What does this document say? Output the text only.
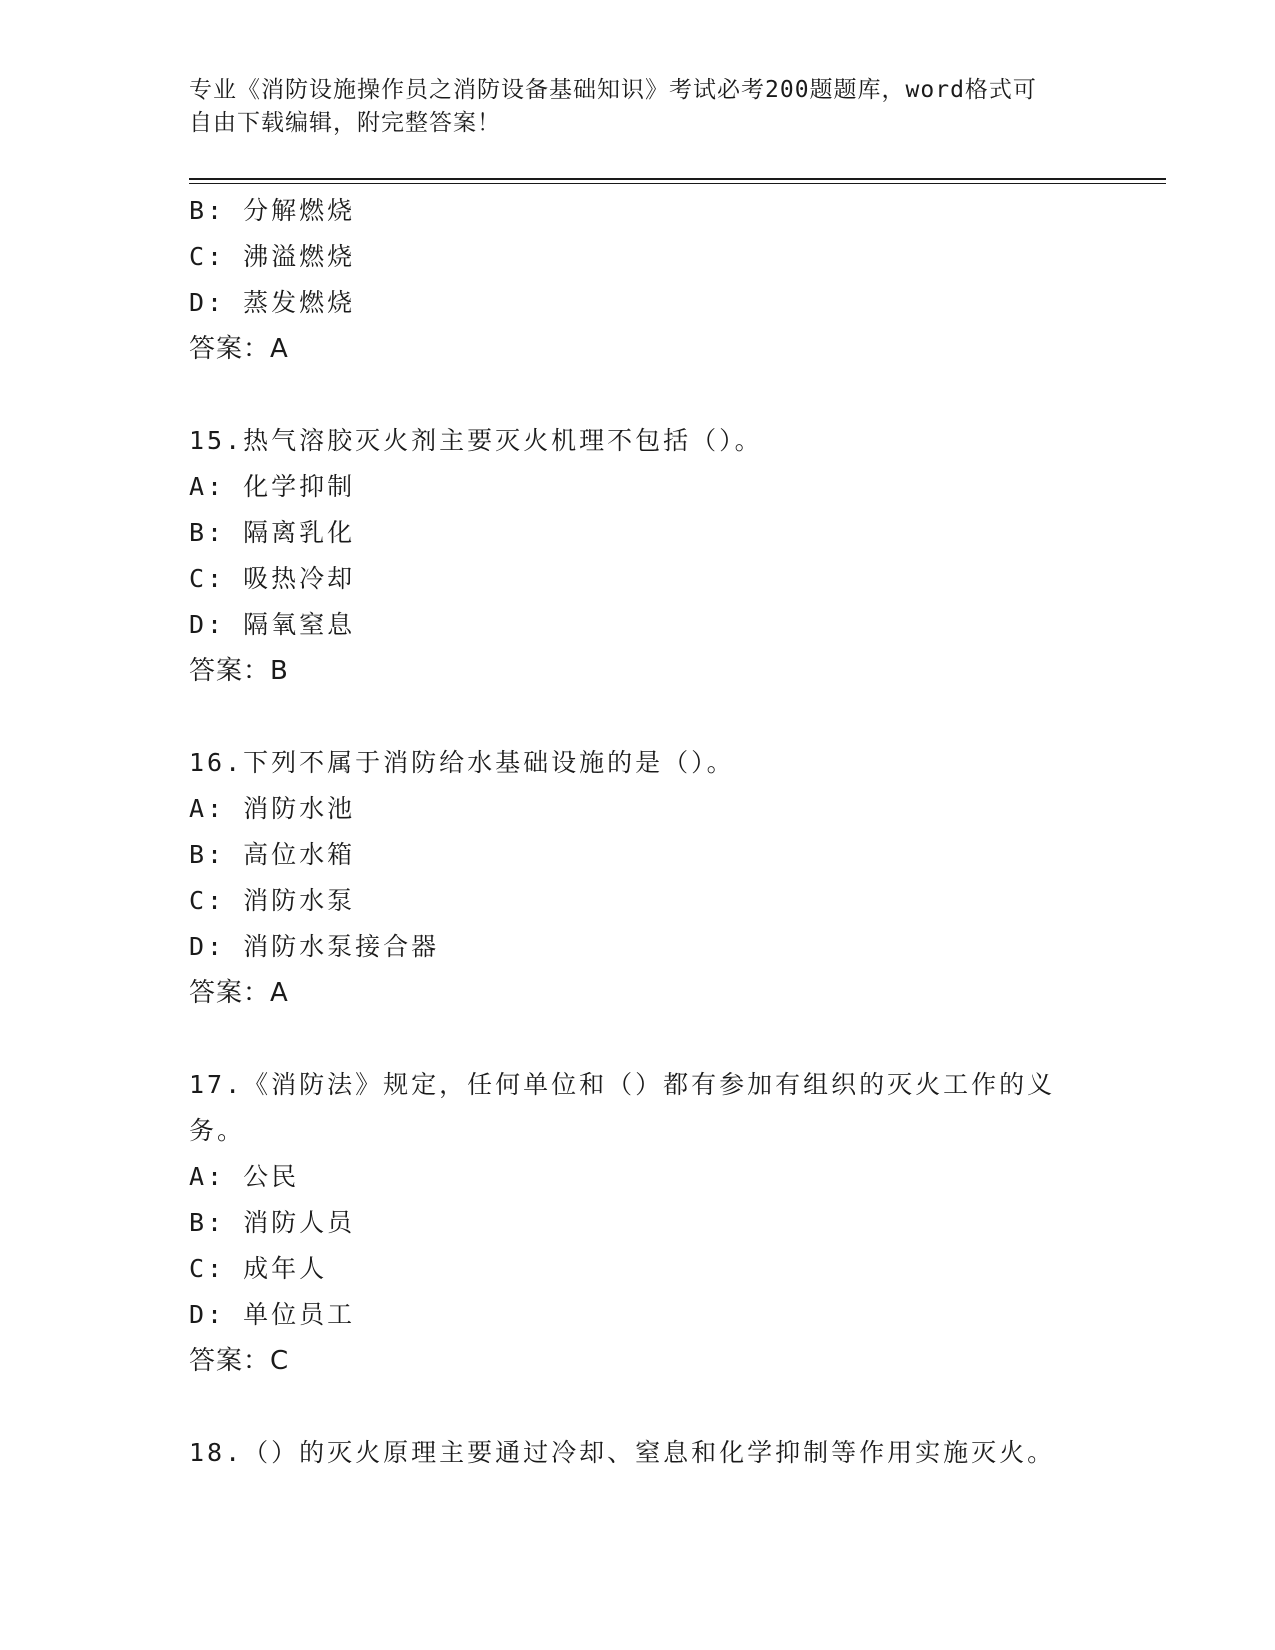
专业《消防设施操作员之消防设备基础知识》考试必考200题题库，word格式可
自由下载编辑，附完整答案！
B: 分解燃烧
C: 沸溢燃烧
D: 蒸发燃烧
答案：A
15.热气溶胶灭火剂主要灭火机理不包括（）。
A: 化学抑制
B: 隔离乳化
C: 吸热冷却
D: 隔氧窒息
答案：B
16.下列不属于消防给水基础设施的是（）。
A: 消防水池
B: 高位水箱
C: 消防水泵
D: 消防水泵接合器
答案：A
17.《消防法》规定，任何单位和（）都有参加有组织的灭火工作的义
务。
A: 公民
B: 消防人员
C: 成年人
D: 单位员工
答案：C
18.（）的灭火原理主要通过冷却、窒息和化学抑制等作用实施灭火。
